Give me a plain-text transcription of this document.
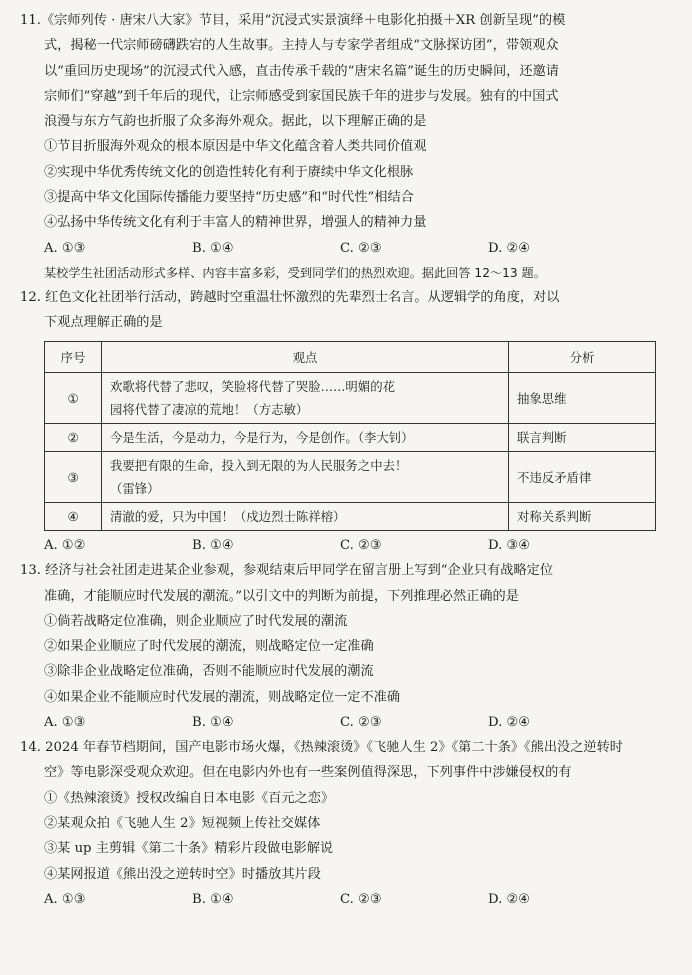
11.《宗师列传 · 唐宋八大家》节目，采用“沉浸式实景演绎＋电影化拍摄＋XR 创新呈现”的模
式，揭秘一代宗师磅礴跌宕的人生故事。主持人与专家学者组成“文脉探访团”，带领观众
以“重回历史现场”的沉浸式代入感，直击传承千载的“唐宋名篇”诞生的历史瞬间，还邀请
宗师们“穿越”到千年后的现代，让宗师感受到家国民族千年的进步与发展。独有的中国式
浪漫与东方气韵也折服了众多海外观众。据此，以下理解正确的是
①节目折服海外观众的根本原因是中华文化蕴含着人类共同价值观
②实现中华优秀传统文化的创造性转化有利于赓续中华文化根脉
③提高中华文化国际传播能力要坚持“历史感”和“时代性”相结合
④弘扬中华传统文化有利于丰富人的精神世界，增强人的精神力量
A. ①③	B. ①④	C. ②③	D. ②④
某校学生社团活动形式多样、内容丰富多彩，受到同学们的热烈欢迎。据此回答 12～13 题。
12. 红色文化社团举行活动，跨越时空重温壮怀激烈的先辈烈士名言。从逻辑学的角度，对以
下观点理解正确的是
序号	观点	分析
①	欢歌将代替了悲叹，笑脸将代替了哭脸……明媚的花
园将代替了凄凉的荒地！（方志敏）	抽象思维
②	今是生活，今是动力，今是行为，今是创作。（李大钊）	联言判断
③	我要把有限的生命，投入到无限的为人民服务之中去！
（雷锋）	不违反矛盾律
④	清澈的爱，只为中国！（戍边烈士陈祥榕）	对称关系判断
A. ①②	B. ①④	C. ②③	D. ③④
13. 经济与社会社团走进某企业参观，参观结束后甲同学在留言册上写到“企业只有战略定位
准确，才能顺应时代发展的潮流。”以引文中的判断为前提，下列推理必然正确的是
①倘若战略定位准确，则企业顺应了时代发展的潮流
②如果企业顺应了时代发展的潮流，则战略定位一定准确
③除非企业战略定位准确，否则不能顺应时代发展的潮流
④如果企业不能顺应时代发展的潮流，则战略定位一定不准确
A. ①③	B. ①④	C. ②③	D. ②④
14. 2024 年春节档期间，国产电影市场火爆，《热辣滚烫》《飞驰人生 2》《第二十条》《熊出没之逆转时
空》等电影深受观众欢迎。但在电影内外也有一些案例值得深思，下列事件中涉嫌侵权的有
①《热辣滚烫》授权改编自日本电影《百元之恋》
②某观众拍《飞驰人生 2》短视频上传社交媒体
③某 up 主剪辑《第二十条》精彩片段做电影解说
④某网报道《熊出没之逆转时空》时播放其片段
A. ①③	B. ①④	C. ②③	D. ②④
